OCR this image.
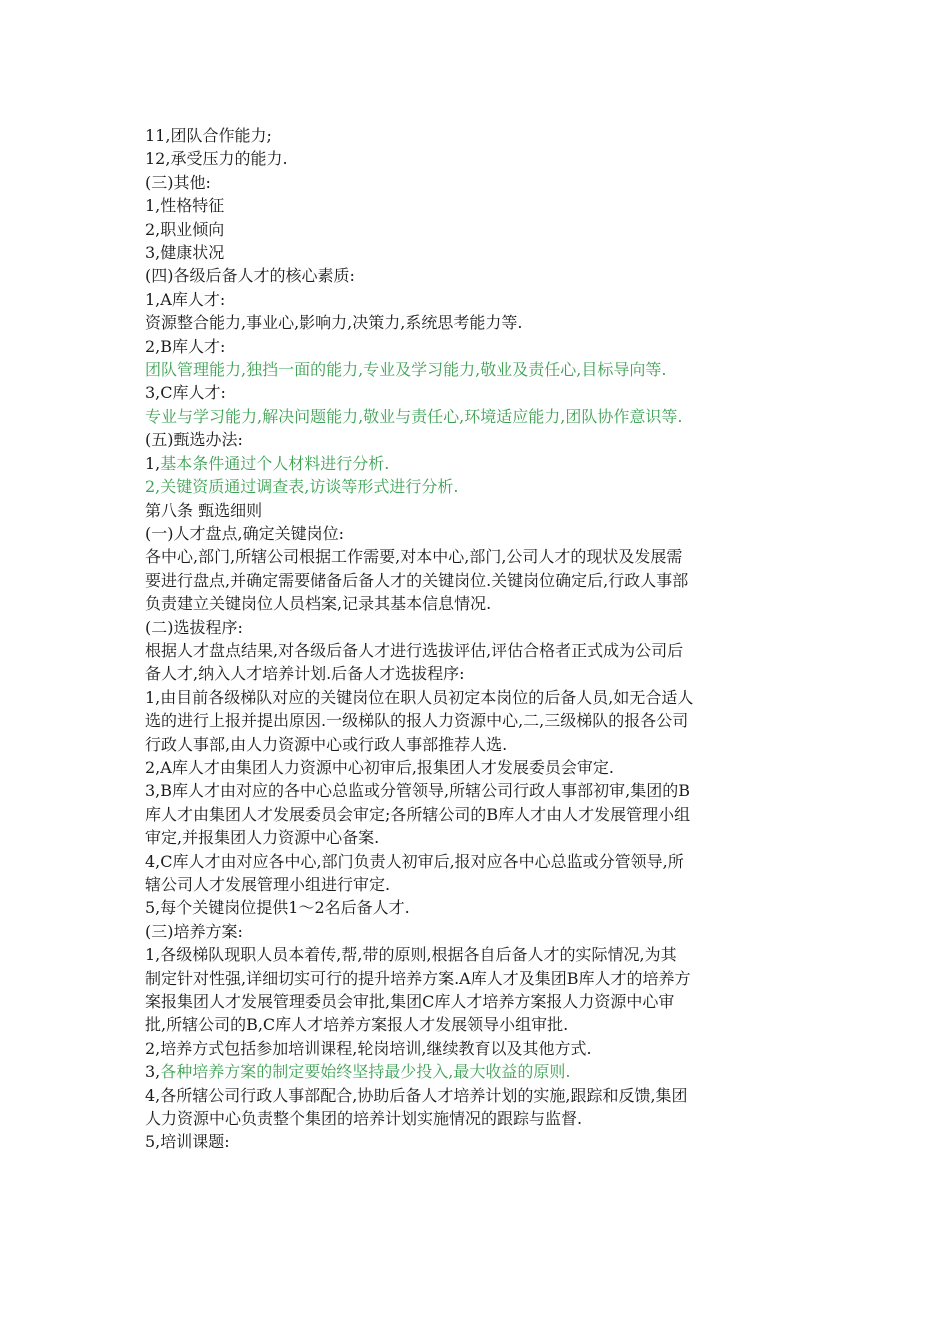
11,团队合作能力;
12,承受压力的能力.
(三)其他:
1,性格特征
2,职业倾向
3,健康状况
(四)各级后备人才的核心素质:
1,A库人才:
资源整合能力,事业心,影响力,决策力,系统思考能力等.
2,B库人才:
团队管理能力,独挡一面的能力,专业及学习能力,敬业及责任心,目标导向等.
3,C库人才:
专业与学习能力,解决问题能力,敬业与责任心,环境适应能力,团队协作意识等.
(五)甄选办法:
1,基本条件通过个人材料进行分析.
2,关键资质通过调查表,访谈等形式进行分析.
第八条 甄选细则
(一)人才盘点,确定关键岗位:
各中心,部门,所辖公司根据工作需要,对本中心,部门,公司人才的现状及发展需
要进行盘点,并确定需要储备后备人才的关键岗位.关键岗位确定后,行政人事部
负责建立关键岗位人员档案,记录其基本信息情况.
(二)选拔程序:
根据人才盘点结果,对各级后备人才进行选拔评估,评估合格者正式成为公司后
备人才,纳入人才培养计划.后备人才选拔程序:
1,由目前各级梯队对应的关键岗位在职人员初定本岗位的后备人员,如无合适人
选的进行上报并提出原因.一级梯队的报人力资源中心,二,三级梯队的报各公司
行政人事部,由人力资源中心或行政人事部推荐人选.
2,A库人才由集团人力资源中心初审后,报集团人才发展委员会审定.
3,B库人才由对应的各中心总监或分管领导,所辖公司行政人事部初审,集团的B
库人才由集团人才发展委员会审定;各所辖公司的B库人才由人才发展管理小组
审定,并报集团人力资源中心备案.
4,C库人才由对应各中心,部门负责人初审后,报对应各中心总监或分管领导,所
辖公司人才发展管理小组进行审定.
5,每个关键岗位提供1～2名后备人才.
(三)培养方案:
1,各级梯队现职人员本着传,帮,带的原则,根据各自后备人才的实际情况,为其
制定针对性强,详细切实可行的提升培养方案.A库人才及集团B库人才的培养方
案报集团人才发展管理委员会审批,集团C库人才培养方案报人力资源中心审
批,所辖公司的B,C库人才培养方案报人才发展领导小组审批.
2,培养方式包括参加培训课程,轮岗培训,继续教育以及其他方式.
3,各种培养方案的制定要始终坚持最少投入,最大收益的原则.
4,各所辖公司行政人事部配合,协助后备人才培养计划的实施,跟踪和反馈,集团
人力资源中心负责整个集团的培养计划实施情况的跟踪与监督.
5,培训课题:
